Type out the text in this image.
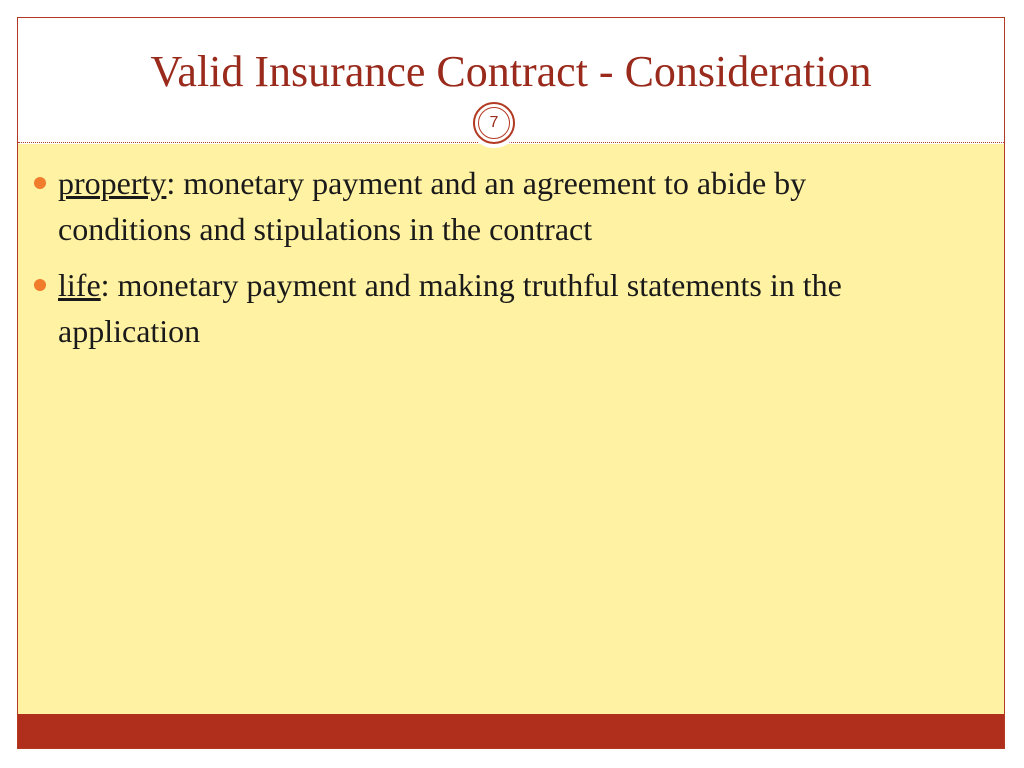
Valid Insurance Contract - Consideration
7
property: monetary payment and an agreement to abide by conditions and stipulations in the contract
life: monetary payment and making truthful statements in the application
